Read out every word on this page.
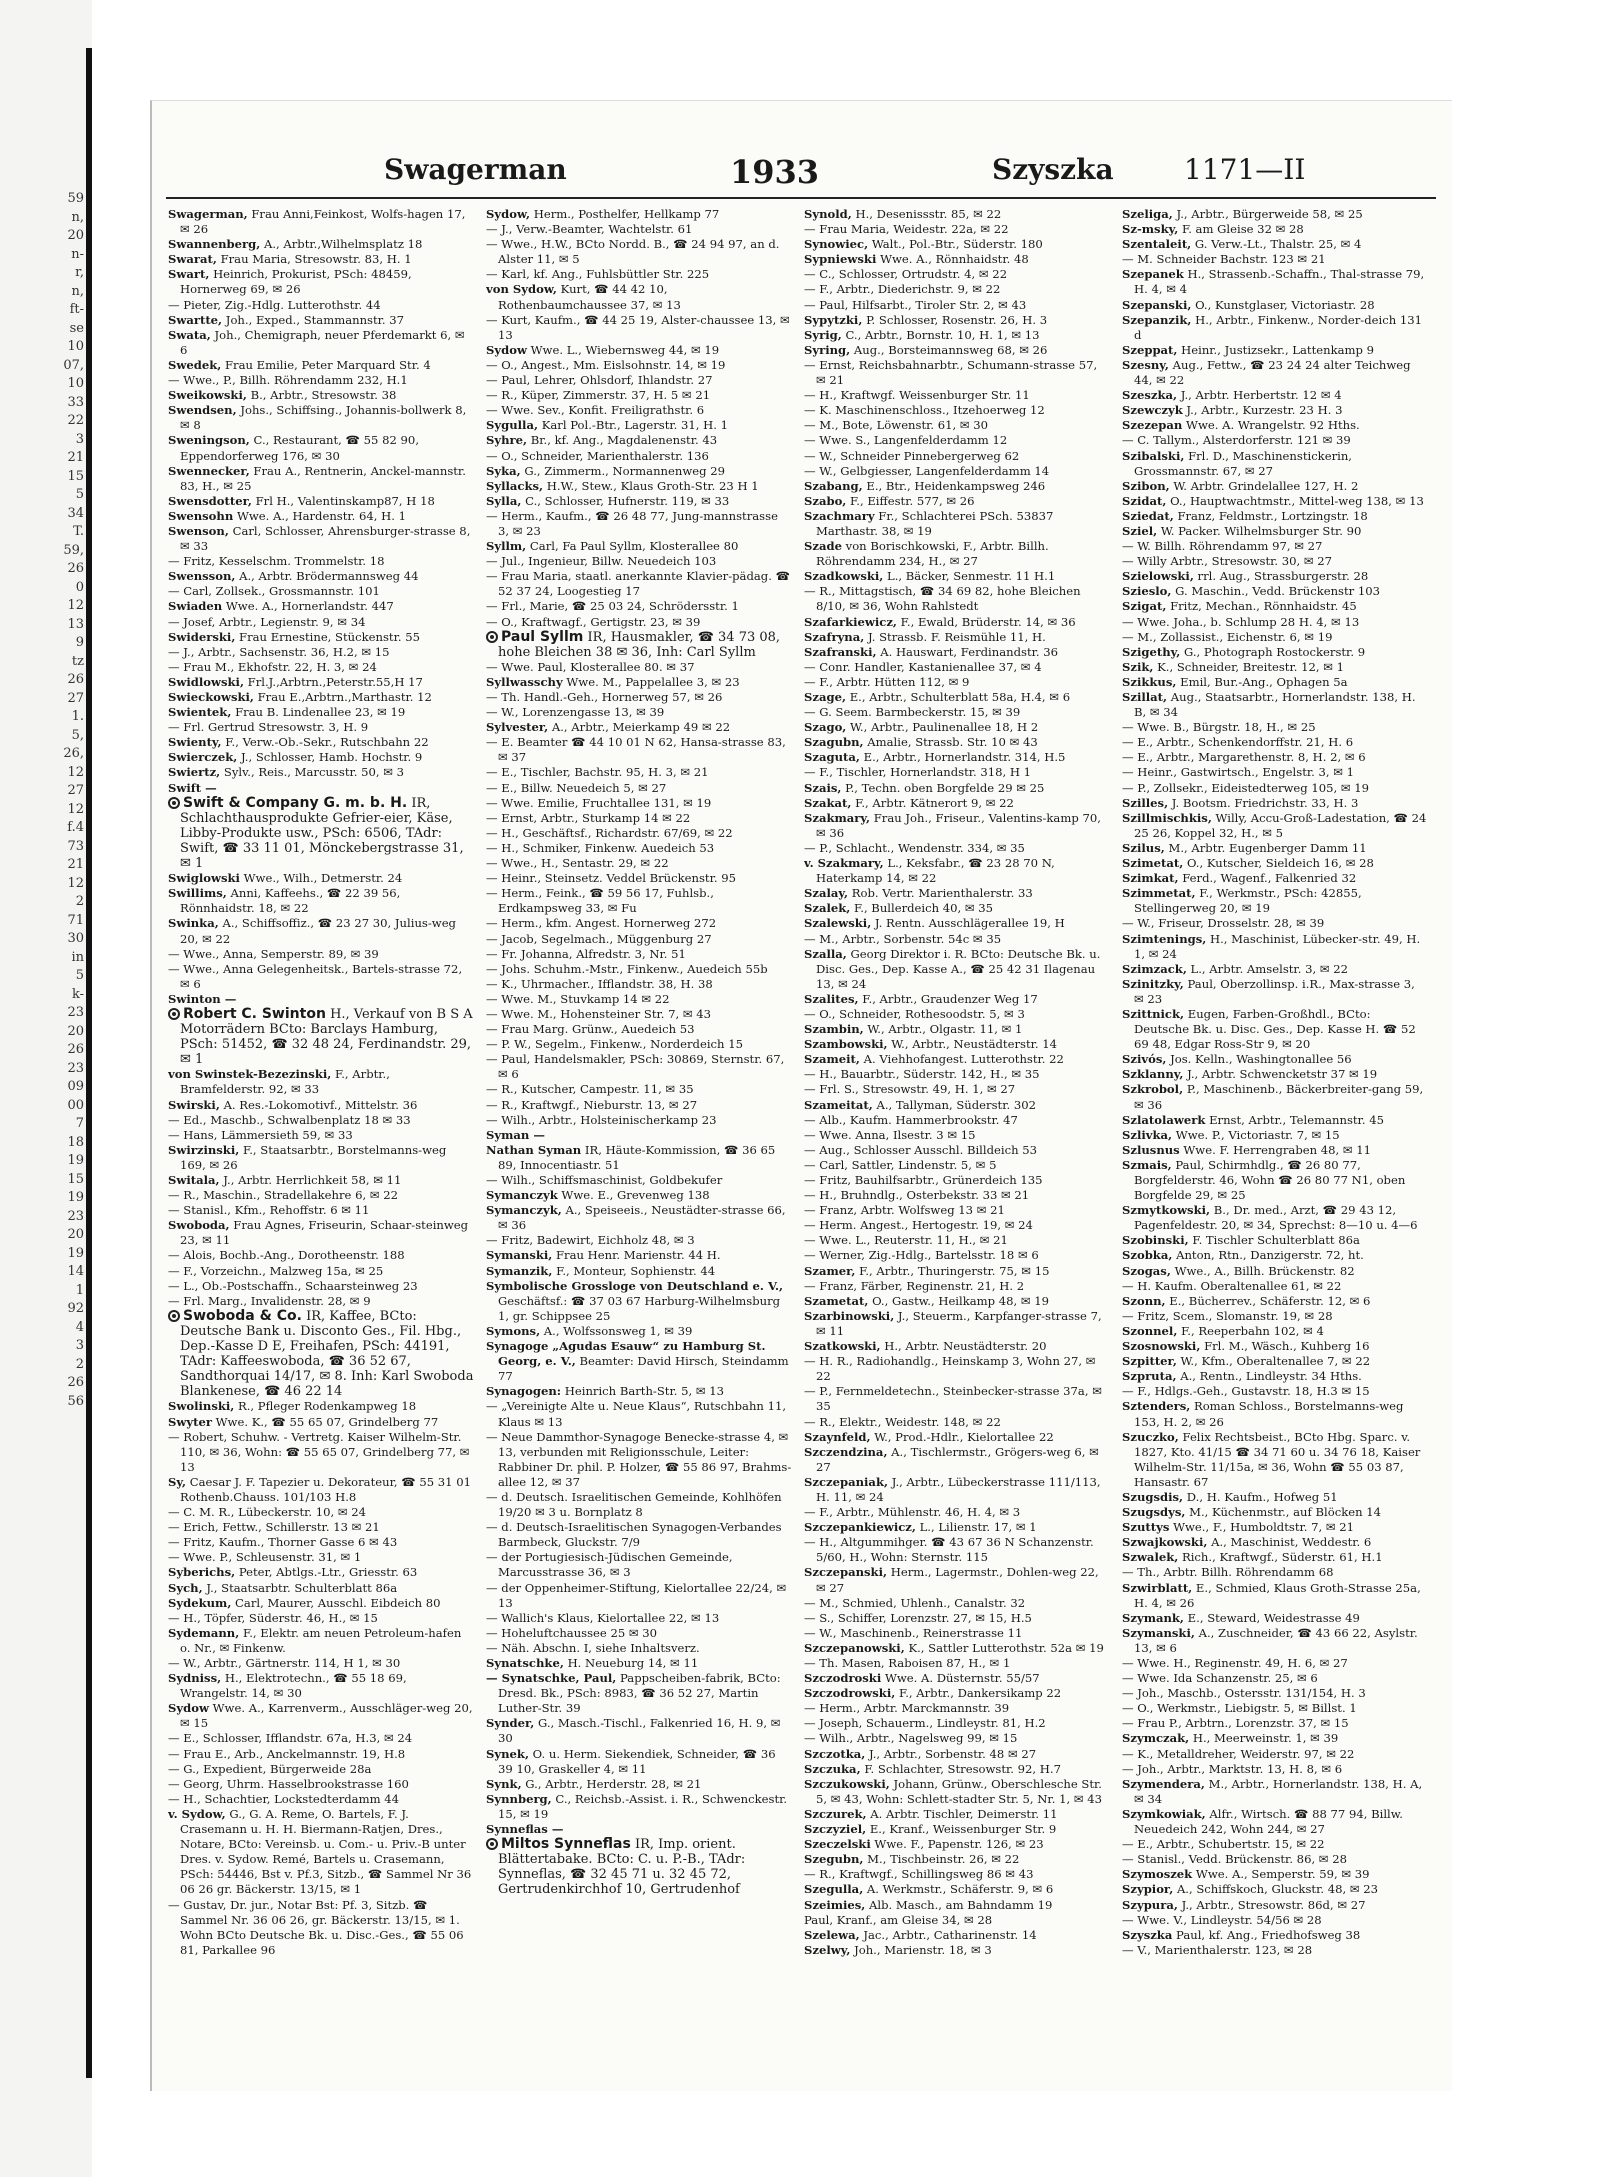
59
n,
20
n-
r,
n,
ft-
se
10
07,
10
33
22
3
21
15
5
34
T.
59,
26
0
12
13
9
tz
26
27
1.
5,
26,
12
27
12
f.4
73
21
12
2
71
30
in
5
k-
23
20
26
23
09
00
7
18
19
15
19
23
20
19
14
1
92
4
3
2
26
56
Swagerman	1933	Szyszka	1171—II

Swagerman, Frau Anni,Feinkost, Wolfs-hagen 17, ✉ 26

Swannenberg, A., Arbtr.,Wilhelmsplatz 18

Swarat, Frau Maria, Stresowstr. 83, H. 1

Swart, Heinrich, Prokurist, PSch: 48459, Hornerweg 69, ✉ 26

— Pieter, Zig.-Hdlg. Lutterothstr. 44

Swartte, Joh., Exped., Stammannstr. 37

Swata, Joh., Chemigraph, neuer Pferdemarkt 6, ✉ 6

Swedek, Frau Emilie, Peter Marquard Str. 4

— Wwe., P., Billh. Röhrendamm 232, H.1

Sweikowski, B., Arbtr., Stresowstr. 38

Swendsen, Johs., Schiffsing., Johannis-bollwerk 8, ✉ 8

Sweningson, C., Restaurant, ☎ 55 82 90, Eppendorferweg 176, ✉ 30

Swennecker, Frau A., Rentnerin, Anckel-mannstr. 83, H., ✉ 25

Swensdotter, Frl H., Valentinskamp87, H 18

Swensohn Wwe. A., Hardenstr. 64, H. 1

Swenson, Carl, Schlosser, Ahrensburger-strasse 8, ✉ 33

— Fritz, Kesselschm. Trommelstr. 18

Swensson, A., Arbtr. Brödermannsweg 44

— Carl, Zollsek., Grossmannstr. 101

Swiaden Wwe. A., Hornerlandstr. 447

— Josef, Arbtr., Legienstr. 9, ✉ 34

Swiderski, Frau Ernestine, Stückenstr. 55

— J., Arbtr., Sachsenstr. 36, H.2, ✉ 15

— Frau M., Ekhofstr. 22, H. 3, ✉ 24

Swidlowski, Frl.J.,Arbtrn.,Peterstr.55,H 17

Swieckowski, Frau E.,Arbtrn.,Marthastr. 12

Swientek, Frau B. Lindenallee 23, ✉ 19

— Frl. Gertrud Stresowstr. 3, H. 9

Swienty, F., Verw.-Ob.-Sekr., Rutschbahn 22

Swierczek, J., Schlosser, Hamb. Hochstr. 9

Swiertz, Sylv., Reis., Marcusstr. 50, ✉ 3

Swift —

Swift & Company G. m. b. H. IR, Schlachthausprodukte Gefrier-eier, Käse, Libby-Produkte usw., PSch: 6506, TAdr: Swift, ☎ 33 11 01, Mönckebergstrasse 31, ✉ 1

Swiglowski Wwe., Wilh., Detmerstr. 24

Swillims, Anni, Kaffeehs., ☎ 22 39 56, Rönnhaidstr. 18, ✉ 22

Swinka, A., Schiffsoffiz., ☎ 23 27 30, Julius-weg 20, ✉ 22

— Wwe., Anna, Semperstr. 89, ✉ 39

— Wwe., Anna Gelegenheitsk., Bartels-strasse 72, ✉ 6

Swinton —

Robert C. Swinton H., Verkauf von B S A Motorrädern BCto: Barclays Hamburg, PSch: 51452, ☎ 32 48 24, Ferdinandstr. 29, ✉ 1

von Swinstek-Bezezinski, F., Arbtr., Bramfelderstr. 92, ✉ 33

Swirski, A. Res.-Lokomotivf., Mittelstr. 36

— Ed., Maschb., Schwalbenplatz 18 ✉ 33

— Hans, Lämmersieth 59, ✉ 33

Swirzinski, F., Staatsarbtr., Borstelmanns-weg 169, ✉ 26

Switala, J., Arbtr. Herrlichkeit 58, ✉ 11

— R., Maschin., Stradellakehre 6, ✉ 22

— Stanisl., Kfm., Rehoffstr. 6 ✉ 11

Swoboda, Frau Agnes, Friseurin, Schaar-steinweg 23, ✉ 11

— Alois, Bochb.-Ang., Dorotheenstr. 188

— F., Vorzeichn., Malzweg 15a, ✉ 25

— L., Ob.-Postschaffn., Schaarsteinweg 23

— Frl. Marg., Invalidenstr. 28, ✉ 9

Swoboda & Co. IR, Kaffee, BCto: Deutsche Bank u. Disconto Ges., Fil. Hbg., Dep.-Kasse D E, Freihafen, PSch: 44191, TAdr: Kaffeeswoboda, ☎ 36 52 67, Sandthorquai 14/17, ✉ 8. Inh: Karl Swoboda Blankenese, ☎ 46 22 14

Swolinski, R., Pfleger Rodenkampweg 18

Swyter Wwe. K., ☎ 55 65 07, Grindelberg 77

— Robert, Schuhw. - Vertretg. Kaiser Wilhelm-Str. 110, ✉ 36, Wohn: ☎ 55 65 07, Grindelberg 77, ✉ 13

Sy, Caesar J. F. Tapezier u. Dekorateur, ☎ 55 31 01 Rothenb.Chauss. 101/103 H.8

— C. M. R., Lübeckerstr. 10, ✉ 24

— Erich, Fettw., Schillerstr. 13 ✉ 21

— Fritz, Kaufm., Thorner Gasse 6 ✉ 43

— Wwe. P., Schleusenstr. 31, ✉ 1

Syberichs, Peter, Abtlgs.-Ltr., Griesstr. 63

Sych, J., Staatsarbtr. Schulterblatt 86a

Sydekum, Carl, Maurer, Ausschl. Eibdeich 80

— H., Töpfer, Süderstr. 46, H., ✉ 15

Sydemann, F., Elektr. am neuen Petroleum-hafen o. Nr., ✉ Finkenw.

— W., Arbtr., Gärtnerstr. 114, H 1, ✉ 30

Sydniss, H., Elektrotechn., ☎ 55 18 69, Wrangelstr. 14, ✉ 30

Sydow Wwe. A., Karrenverm., Ausschläger-weg 20, ✉ 15

— E., Schlosser, Ifflandstr. 67a, H.3, ✉ 24

— Frau E., Arb., Anckelmannstr. 19, H.8

— G., Expedient, Bürgerweide 28a

— Georg, Uhrm. Hasselbrookstrasse 160

— H., Schachtier, Lockstedterdamm 44

v. Sydow, G., G. A. Reme, O. Bartels, F. J. Crasemann u. H. H. Biermann-Ratjen, Dres., Notare, BCto: Vereinsb. u. Com.- u. Priv.-B unter Dres. v. Sydow. Remé, Bartels u. Crasemann, PSch: 54446, Bst v. Pf.3, Sitzb., ☎ Sammel Nr 36 06 26 gr. Bäckerstr. 13/15, ✉ 1

— Gustav, Dr. jur., Notar Bst: Pf. 3, Sitzb. ☎ Sammel Nr. 36 06 26, gr. Bäckerstr. 13/15, ✉ 1. Wohn BCto Deutsche Bk. u. Disc.-Ges., ☎ 55 06 81, Parkallee 96

Sydow, Herm., Posthelfer, Hellkamp 77

— J., Verw.-Beamter, Wachtelstr. 61

— Wwe., H.W., BCto Nordd. B., ☎ 24 94 97, an d. Alster 11, ✉ 5

— Karl, kf. Ang., Fuhlsbüttler Str. 225

von Sydow, Kurt, ☎ 44 42 10, Rothenbaumchaussee 37, ✉ 13

— Kurt, Kaufm., ☎ 44 25 19, Alster-chaussee 13, ✉ 13

Sydow Wwe. L., Wiebernsweg 44, ✉ 19

— O., Angest., Mm. Eislsohnstr. 14, ✉ 19

— Paul, Lehrer, Ohlsdorf, Ihlandstr. 27

— R., Küper, Zimmerstr. 37, H. 5 ✉ 21

— Wwe. Sev., Konfit. Freiligrathstr. 6

Sygulla, Karl Pol.-Btr., Lagerstr. 31, H. 1

Syhre, Br., kf. Ang., Magdalenenstr. 43

— O., Schneider, Marienthalerstr. 136

Syka, G., Zimmerm., Normannenweg 29

Syllacks, H.W., Stew., Klaus Groth-Str. 23 H 1

Sylla, C., Schlosser, Hufnerstr. 119, ✉ 33

— Herm., Kaufm., ☎ 26 48 77, Jung-mannstrasse 3, ✉ 23

Syllm, Carl, Fa Paul Syllm, Klosterallee 80

— Jul., Ingenieur, Billw. Neuedeich 103

— Frau Maria, staatl. anerkannte Klavier-pädag. ☎ 52 37 24, Loogestieg 17

— Frl., Marie, ☎ 25 03 24, Schrödersstr. 1

— O., Kraftwagf., Gertigstr. 23, ✉ 39

Paul Syllm IR, Hausmakler, ☎ 34 73 08, hohe Bleichen 38 ✉ 36, Inh: Carl Syllm

— Wwe. Paul, Klosterallee 80. ✉ 37

Syllwasschy Wwe. M., Pappelallee 3, ✉ 23

— Th. Handl.-Geh., Hornerweg 57, ✉ 26

— W., Lorenzengasse 13, ✉ 39

Sylvester, A., Arbtr., Meierkamp 49 ✉ 22

— E. Beamter ☎ 44 10 01 N 62, Hansa-strasse 83, ✉ 37

— E., Tischler, Bachstr. 95, H. 3, ✉ 21

— E., Billw. Neuedeich 5, ✉ 27

— Wwe. Emilie, Fruchtallee 131, ✉ 19

— Ernst, Arbtr., Sturkamp 14 ✉ 22

— H., Geschäftsf., Richardstr. 67/69, ✉ 22

— H., Schmiker, Finkenw. Auedeich 53

— Wwe., H., Sentastr. 29, ✉ 22

— Heinr., Steinsetz. Veddel Brückenstr. 95

— Herm., Feink., ☎ 59 56 17, Fuhlsb., Erdkampsweg 33, ✉ Fu

— Herm., kfm. Angest. Hornerweg 272

— Jacob, Segelmach., Müggenburg 27

— Fr. Johanna, Alfredstr. 3, Nr. 51

— Johs. Schuhm.-Mstr., Finkenw., Auedeich 55b

— K., Uhrmacher., Ifflandstr. 38, H. 38

— Wwe. M., Stuvkamp 14 ✉ 22

— Wwe. M., Hohensteiner Str. 7, ✉ 43

— Frau Marg. Grünw., Auedeich 53

— P. W., Segelm., Finkenw., Norderdeich 15

— Paul, Handelsmakler, PSch: 30869, Sternstr. 67, ✉ 6

— R., Kutscher, Campestr. 11, ✉ 35

— R., Kraftwgf., Nieburstr. 13, ✉ 27

— Wilh., Arbtr., Holsteinischerkamp 23

Syman —

Nathan Syman IR, Häute-Kommission, ☎ 36 65 89, Innocentiastr. 51

— Wilh., Schiffsmaschinist, Goldbekufer

Symanczyk Wwe. E., Grevenweg 138

Symanczyk, A., Speiseeis., Neustädter-strasse 66, ✉ 36

— Fritz, Badewirt, Eichholz 48, ✉ 3

Symanski, Frau Henr. Marienstr. 44 H.

Symanzik, F., Monteur, Sophienstr. 44

Symbolische Grosslogе von Deutschland e. V., Geschäftsf.: ☎ 37 03 67 Harburg-Wilhelmsburg 1, gr. Schippsee 25

Symons, A., Wolfssonsweg 1, ✉ 39

Synagoge „Agudas Esauw“ zu Hamburg St. Georg, e. V., Beamter: David Hirsch, Steindamm 77

Synagogen: Heinrich Barth-Str. 5, ✉ 13

— „Vereinigte Alte u. Neue Klaus“, Rutschbahn 11, Klaus ✉ 13

— Neue Dammthor-Synagoge Benecke-strasse 4, ✉ 13, verbunden mit Religionsschule, Leiter: Rabbiner Dr. phil. P. Holzer, ☎ 55 86 97, Brahms-allee 12, ✉ 37

— d. Deutsch. Israelitischen Gemeinde, Kohlhöfen 19/20 ✉ 3 u. Bornplatz 8

— d. Deutsch-Israelitischen Synagogen-Verbandes Barmbeck, Gluckstr. 7/9

— der Portugiesisch-Jüdischen Gemeinde, Marcusstrasse 36, ✉ 3

— der Oppenheimer-Stiftung, Kielortallee 22/24, ✉ 13

— Wallich's Klaus, Kielortallee 22, ✉ 13

— Hoheluftchaussee 25 ✉ 30

— Näh. Abschn. I, siehe Inhaltsverz.

Synatschke, H. Neueburg 14, ✉ 11

— Synatschke, Paul, Pappscheiben-fabrik, BCto: Dresd. Bk., PSch: 8983, ☎ 36 52 27, Martin Luther-Str. 39

Synder, G., Masch.-Tischl., Falkenried 16, H. 9, ✉ 30

Synek, O. u. Herm. Siekendiek, Schneider, ☎ 36 39 10, Graskeller 4, ✉ 11

Synk, G., Arbtr., Herderstr. 28, ✉ 21

Synnberg, C., Reichsb.-Assist. i. R., Schwenckestr. 15, ✉ 19

Synneflas —

Miltos Synneflas IR, Imp. orient. Blättertabake. BCto: C. u. P.-B., TAdr: Synneflas, ☎ 32 45 71 u. 32 45 72, Gertrudenkirchhof 10, Gertrudenhof

Synold, H., Desenissstr. 85, ✉ 22

— Frau Maria, Weidestr. 22a, ✉ 22

Synowiec, Walt., Pol.-Btr., Süderstr. 180

Sypniewski Wwe. A., Rönnhaidstr. 48

— C., Schlosser, Ortrudstr. 4, ✉ 22

— F., Arbtr., Diederichstr. 9, ✉ 22

— Paul, Hilfsarbt., Tiroler Str. 2, ✉ 43

Sypytzki, P. Schlosser, Rosenstr. 26, H. 3

Syrig, C., Arbtr., Bornstr. 10, H. 1, ✉ 13

Syring, Aug., Borsteimannsweg 68, ✉ 26

— Ernst, Reichsbahnarbtr., Schumann-strasse 57, ✉ 21

— H., Kraftwgf. Weissenburger Str. 11

— K. Maschinenschloss., Itzehoerweg 12

— M., Bote, Löwenstr. 61, ✉ 30

— Wwe. S., Langenfelderdamm 12

— W., Schneider Pinnebergerweg 62

— W., Gelbgiesser, Langenfelderdamm 14

Szabang, E., Btr., Heidenkampsweg 246

Szabo, F., Eiffestr. 577, ✉ 26

Szachmary Fr., Schlachterei PSch. 53837 Marthastr. 38, ✉ 19

Szade von Borischkowski, F., Arbtr. Billh. Röhrendamm 234, H., ✉ 27

Szadkowski, L., Bäcker, Senmestr. 11 H.1

— R., Mittagstisch, ☎ 34 69 82, hohe Bleichen 8/10, ✉ 36, Wohn Rahlstedt

Szafarkiewicz, F., Ewald, Brüderstr. 14, ✉ 36

Szafryna, J. Strassb. F. Reismühle 11, H.

Szafranski, A. Hauswart, Ferdinandstr. 36

— Conr. Handler, Kastanienallee 37, ✉ 4

— F., Arbtr. Hütten 112, ✉ 9

Szage, E., Arbtr., Schulterblatt 58a, H.4, ✉ 6

— G. Seem. Barmbeckerstr. 15, ✉ 39

Szago, W., Arbtr., Paulinenallee 18, H 2

Szagubn, Amalie, Strassb. Str. 10 ✉ 43

Szaguta, E., Arbtr., Hornerlandstr. 314, H.5

— F., Tischler, Hornerlandstr. 318, H 1

Szais, P., Techn. oben Borgfelde 29 ✉ 25

Szakat, F., Arbtr. Kätnerort 9, ✉ 22

Szakmary, Frau Joh., Friseur., Valentins-kamp 70, ✉ 36

— P., Schlacht., Wendenstr. 334, ✉ 35

v. Szakmary, L., Keksfabr., ☎ 23 28 70 N, Haterkamp 14, ✉ 22

Szalay, Rob. Vertr. Marienthalerstr. 33

Szalek, F., Bullerdeich 40, ✉ 35

Szalewski, J. Rentn. Ausschlägerallee 19, H

— M., Arbtr., Sorbenstr. 54c ✉ 35

Szalla, Georg Direktor i. R. BCto: Deutsche Bk. u. Disc. Ges., Dep. Kasse A., ☎ 25 42 31 Ilagenau 13, ✉ 24

Szalites, F., Arbtr., Graudenzer Weg 17

— O., Schneider, Rothesoodstr. 5, ✉ 3

Szambin, W., Arbtr., Olgastr. 11, ✉ 1

Szambowski, W., Arbtr., Neustädterstr. 14

Szameit, A. Viehhofangest. Lutterothstr. 22

— H., Bauarbtr., Süderstr. 142, H., ✉ 35

— Frl. S., Stresowstr. 49, H. 1, ✉ 27

Szameitat, A., Tallyman, Süderstr. 302

— Alb., Kaufm. Hammerbrookstr. 47

— Wwe. Anna, Ilsestr. 3 ✉ 15

— Aug., Schlosser Ausschl. Billdeich 53

— Carl, Sattler, Lindenstr. 5, ✉ 5

— Fritz, Bauhilfsarbtr., Grünerdeich 135

— H., Bruhndlg., Osterbekstr. 33 ✉ 21

— Franz, Arbtr. Wolfsweg 13 ✉ 21

— Herm. Angest., Hertogestr. 19, ✉ 24

— Wwe. L., Reuterstr. 11, H., ✉ 21

— Werner, Zig.-Hdlg., Bartelsstr. 18 ✉ 6

Szamer, F., Arbtr., Thuringerstr. 75, ✉ 15

— Franz, Färber, Reginenstr. 21, H. 2

Szametat, O., Gastw., Heilkamp 48, ✉ 19

Szarbinowski, J., Steuerm., Karpfanger-strasse 7, ✉ 11

Szatkowski, H., Arbtr. Neustädterstr. 20

— H. R., Radiohandlg., Heinskamp 3, Wohn 27, ✉ 22

— P., Fernmeldetechn., Steinbecker-strasse 37a, ✉ 35

— R., Elektr., Weidestr. 148, ✉ 22

Szaynfeld, W., Prod.-Hdlr., Kielortallee 22

Szczendzina, A., Tischlermstr., Grögers-weg 6, ✉ 27

Szczepaniak, J., Arbtr., Lübeckerstrasse 111/113, H. 11, ✉ 24

— F., Arbtr., Mühlenstr. 46, H. 4, ✉ 3

Szczepankiewicz, L., Lilienstr. 17, ✉ 1

— H., Altgummihger. ☎ 43 67 36 N Schanzenstr. 5/60, H., Wohn: Sternstr. 115

Szczepanski, Herm., Lagermstr., Dohlen-weg 22, ✉ 27

— M., Schmied, Uhlenh., Canalstr. 32

— S., Schiffer, Lorenzstr. 27, ✉ 15, H.5

— W., Maschinenb., Reinerstrasse 11

Szczepanowski, K., Sattler Lutterothstr. 52a ✉ 19

— Th. Masen, Raboisen 87, H., ✉ 1

Szczodroski Wwe. A. Düsternstr. 55/57

Szczodrowski, F., Arbtr., Dankersikamp 22

— Herm., Arbtr. Marckmannstr. 39

— Joseph, Schauerm., Lindleystr. 81, H.2

— Wilh., Arbtr., Nagelsweg 99, ✉ 15

Szczotka, J., Arbtr., Sorbenstr. 48 ✉ 27

Szczuka, F. Schlachter, Stresowstr. 92, H.7

Szczukowski, Johann, Grünw., Oberschlesche Str. 5, ✉ 43, Wohn: Schlett-stadter Str. 5, Nr. 1, ✉ 43

Szczurek, A. Arbtr. Tischler, Deimerstr. 11

Szczyziel, E., Kranf., Weissenburger Str. 9

Szeczelski Wwe. F., Papenstr. 126, ✉ 23

Szegubn, M., Tischbeinstr. 26, ✉ 22

— R., Kraftwgf., Schillingsweg 86 ✉ 43

Szegulla, A. Werkmstr., Schäferstr. 9, ✉ 6

Szeimies, Alb. Masch., am Bahndamm 19

Paul, Kranf., am Gleise 34, ✉ 28

Szelewa, Jac., Arbtr., Catharinenstr. 14

Szelwy, Joh., Marienstr. 18, ✉ 3

Szeliga, J., Arbtr., Bürgerweide 58, ✉ 25

Sz-msky, F. am Gleise 32 ✉ 28

Szentaleit, G. Verw.-Lt., Thalstr. 25, ✉ 4

— M. Schneider Bachstr. 123 ✉ 21

Szepanek H., Strassenb.-Schaffn., Thal-strasse 79, H. 4, ✉ 4

Szepanski, O., Kunstglaser, Victoriastr. 28

Szepanzik, H., Arbtr., Finkenw., Norder-deich 131 d

Szeppat, Heinr., Justizsekr., Lattenkamp 9

Szesny, Aug., Fettw., ☎ 23 24 24 alter Teichweg 44, ✉ 22

Szeszka, J., Arbtr. Herbertstr. 12 ✉ 4

Szewczyk J., Arbtr., Kurzestr. 23 H. 3

Szezepan Wwe. A. Wrangelstr. 92 Hths.

— C. Tallym., Alsterdorferstr. 121 ✉ 39

Szibalski, Frl. D., Maschinenstickerin, Grossmannstr. 67, ✉ 27

Szibon, W. Arbtr. Grindelallee 127, H. 2

Szidat, O., Hauptwachtmstr., Mittel-weg 138, ✉ 13

Sziedat, Franz, Feldmstr., Lortzingstr. 18

Sziel, W. Packer. Wilhelmsburger Str. 90

— W. Billh. Röhrendamm 97, ✉ 27

— Willy Arbtr., Stresowstr. 30, ✉ 27

Szielowski, rrl. Aug., Strassburgerstr. 28

Szieslo, G. Maschin., Vedd. Brückenstr 103

Szigat, Fritz, Mechan., Rönnhaidstr. 45

— Wwe. Joha., b. Schlump 28 H. 4, ✉ 13

— M., Zollassist., Eichenstr. 6, ✉ 19

Szigethy, G., Photograph Rostockerstr. 9

Szik, K., Schneider, Breitestr. 12, ✉ 1

Szikkus, Emil, Bur.-Ang., Ophagen 5a

Szillat, Aug., Staatsarbtr., Hornerlandstr. 138, H. B, ✉ 34

— Wwe. B., Bürgstr. 18, H., ✉ 25

— E., Arbtr., Schenkendorffstr. 21, H. 6

— E., Arbtr., Margarethenstr. 8, H. 2, ✉ 6

— Heinr., Gastwirtsch., Engelstr. 3, ✉ 1

— P., Zollsekr., Eideistedterweg 105, ✉ 19

Szilles, J. Bootsm. Friedrichstr. 33, H. 3

Szillmischkis, Willy, Accu-Groß-Ladestation, ☎ 24 25 26, Koppel 32, H., ✉ 5

Szilus, M., Arbtr. Eugenberger Damm 11

Szimetat, O., Kutscher, Sieldeich 16, ✉ 28

Szimkat, Ferd., Wagenf., Falkenried 32

Szimmetat, F., Werkmstr., PSch: 42855, Stellingerweg 20, ✉ 19

— W., Friseur, Drosselstr. 28, ✉ 39

Szimtenings, H., Maschinist, Lübecker-str. 49, H. 1, ✉ 24

Szimzack, L., Arbtr. Amselstr. 3, ✉ 22

Szinitzky, Paul, Oberzollinsp. i.R., Max-strasse 3, ✉ 23

Szittnick, Eugen, Farben-Großhdl., BCto: Deutsche Bk. u. Disc. Ges., Dep. Kasse H. ☎ 52 69 48, Edgar Ross-Str 9, ✉ 20

Szivós, Jos. Kelln., Washingtonallee 56

Szklanny, J., Arbtr. Schwencketstr 37 ✉ 19

Szkrobol, P., Maschinenb., Bäckerbreiter-gang 59, ✉ 36

Szlatolawerk Ernst, Arbtr., Telemannstr. 45

Szlivka, Wwe. P., Victoriastr. 7, ✉ 15

Szlusnus Wwe. F. Herrengraben 48, ✉ 11

Szmais, Paul, Schirmhdlg., ☎ 26 80 77, Borgfelderstr. 46, Wohn ☎ 26 80 77 N1, oben Borgfelde 29, ✉ 25

Szmytkowski, B., Dr. med., Arzt, ☎ 29 43 12, Pagenfeldestr. 20, ✉ 34, Sprechst: 8—10 u. 4—6

Szobinski, F. Tischler Schulterblatt 86a

Szobka, Anton, Rtn., Danzigerstr. 72, ht.

Szogas, Wwe., A., Billh. Brückenstr. 82

— H. Kaufm. Oberaltenallee 61, ✉ 22

Szonn, E., Bücherrev., Schäferstr. 12, ✉ 6

— Fritz, Scem., Slomanstr. 19, ✉ 28

Szonnel, F., Reeperbahn 102, ✉ 4

Szosnowski, Frl. M., Wäsch., Kuhberg 16

Szpitter, W., Kfm., Oberaltenallee 7, ✉ 22

Szpruta, A., Rentn., Lindleystr. 34 Hths.

— F., Hdlgs.-Geh., Gustavstr. 18, H.3 ✉ 15

Sztenders, Roman Schloss., Borstelmanns-weg 153, H. 2, ✉ 26

Szuczko, Felix Rechtsbeist., BCto Hbg. Sparc. v. 1827, Kto. 41/15 ☎ 34 71 60 u. 34 76 18, Kaiser Wilhelm-Str. 11/15a, ✉ 36, Wohn ☎ 55 03 87, Hansastr. 67

Szugsdis, D., H. Kaufm., Hofweg 51

Szugsdys, M., Küchenmstr., auf Blöcken 14

Szuttys Wwe., F., Humboldtstr. 7, ✉ 21

Szwajkowski, A., Maschinist, Weddestr. 6

Szwalek, Rich., Kraftwgf., Süderstr. 61, H.1

— Th., Arbtr. Billh. Röhrendamm 68

Szwirblatt, E., Schmied, Klaus Groth-Strasse 25a, H. 4, ✉ 26

Szymank, E., Steward, Weidestrasse 49

Szymanski, A., Zuschneider, ☎ 43 66 22, Asylstr. 13, ✉ 6

— Wwe. H., Reginenstr. 49, H. 6, ✉ 27

— Wwe. Ida Schanzenstr. 25, ✉ 6

— Joh., Maschb., Ostersstr. 131/154, H. 3

— O., Werkmstr., Liebigstr. 5, ✉ Billst. 1

— Frau P., Arbtrn., Lorenzstr. 37, ✉ 15

Szymczak, H., Meerweinstr. 1, ✉ 39

— K., Metalldreher, Weiderstr. 97, ✉ 22

— Joh., Arbtr., Marktstr. 13, H. 8, ✉ 6

Szymendera, M., Arbtr., Hornerlandstr. 138, H. A, ✉ 34

Szymkowiak, Alfr., Wirtsch. ☎ 88 77 94, Billw. Neuedeich 242, Wohn 244, ✉ 27

— E., Arbtr., Schubertstr. 15, ✉ 22

— Stanisl., Vedd. Brückenstr. 86, ✉ 28

Szymoszek Wwe. A., Semperstr. 59, ✉ 39

Szypior, A., Schiffskoch, Gluckstr. 48, ✉ 23

Szypura, J., Arbtr., Stresowstr. 86d, ✉ 27

— Wwe. V., Lindleystr. 54/56 ✉ 28

Szyszka Paul, kf. Ang., Friedhofsweg 38

— V., Marienthalerstr. 123, ✉ 28
